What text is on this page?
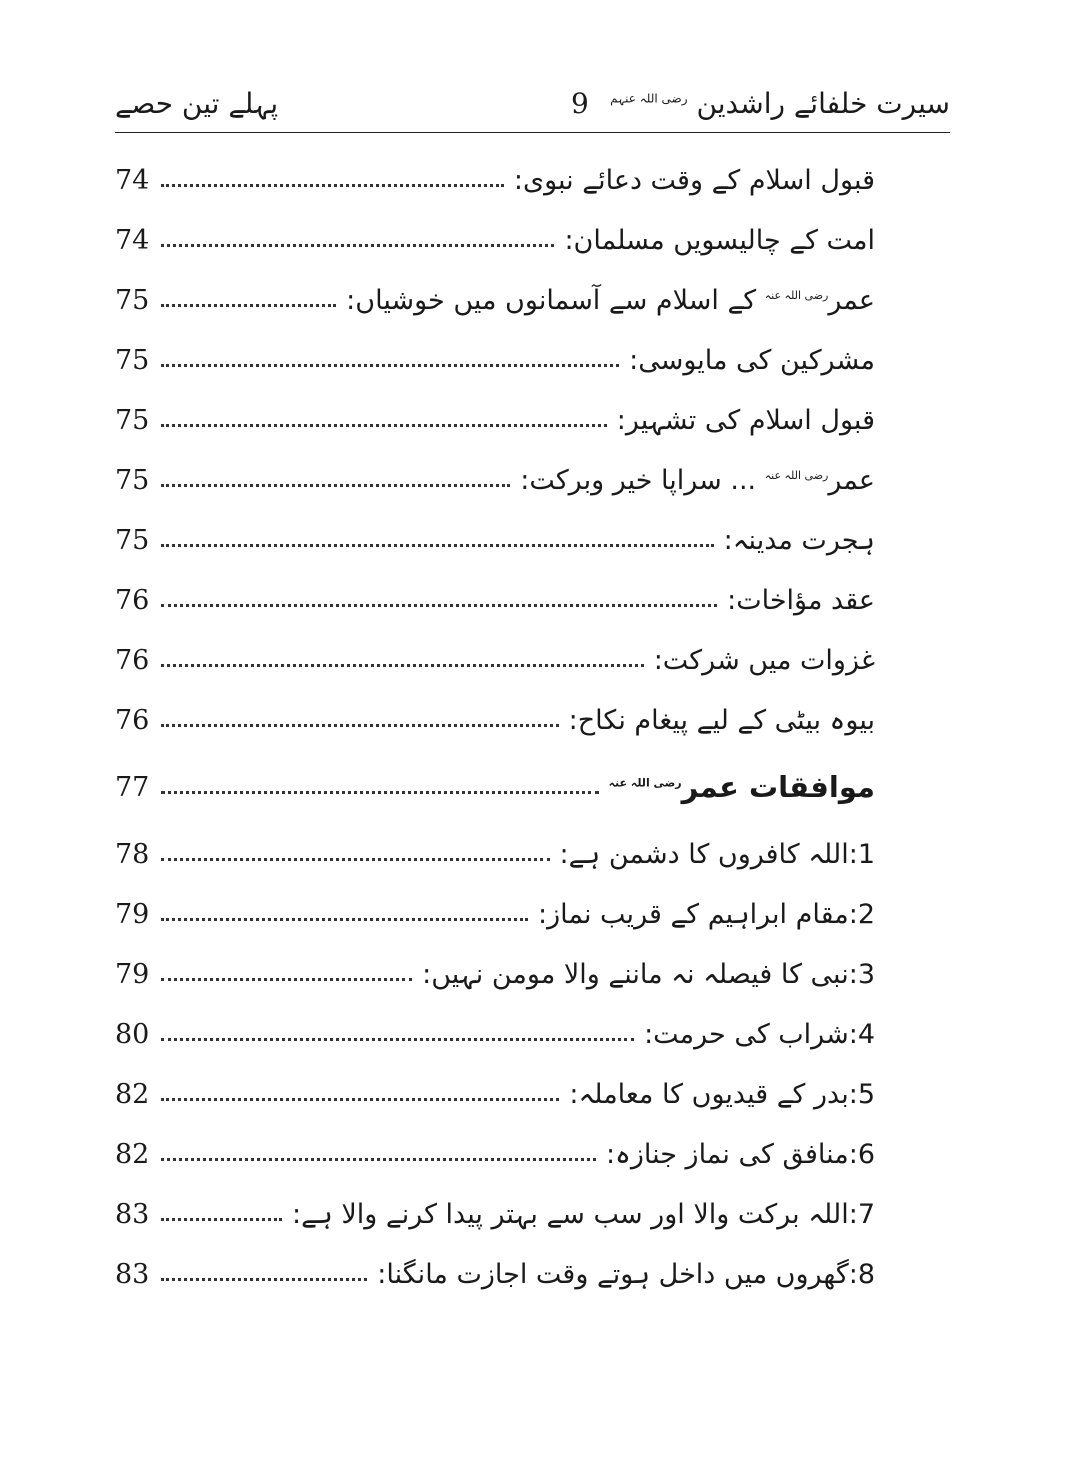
پہلے تین حصے	9	سیرت خلفائے راشدین $^{رضی اللہ عنہم}$
74	قبول اسلام کے وقت دعائے نبوی:
74	امت کے چالیسویں مسلمان:
75	عمر$^{رضی اللہ عنہ}$ کے اسلام سے آسمانوں میں خوشیاں:
75	مشرکین کی مایوسی:
75	قبول اسلام کی تشہیر:
75	عمر$^{رضی اللہ عنہ}$ ... سراپا خیر وبرکت:
75	ہجرت مدینہ:
76	عقد مؤاخات:
76	غزوات میں شرکت:
76	بیوہ بیٹی کے لیے پیغام نکاح:
77	موافقات عمر$^{رضی اللہ عنہ}$
78	1:اللہ کافروں کا دشمن ہے:
79	2:مقام ابراہیم کے قریب نماز:
79	3:نبی کا فیصلہ نہ ماننے والا مومن نہیں:
80	4:شراب کی حرمت:
82	5:بدر کے قیدیوں کا معاملہ:
82	6:منافق کی نماز جنازہ:
83	7:اللہ برکت والا اور سب سے بہتر پیدا کرنے والا ہے:
83	8:گھروں میں داخل ہوتے وقت اجازت مانگنا:
